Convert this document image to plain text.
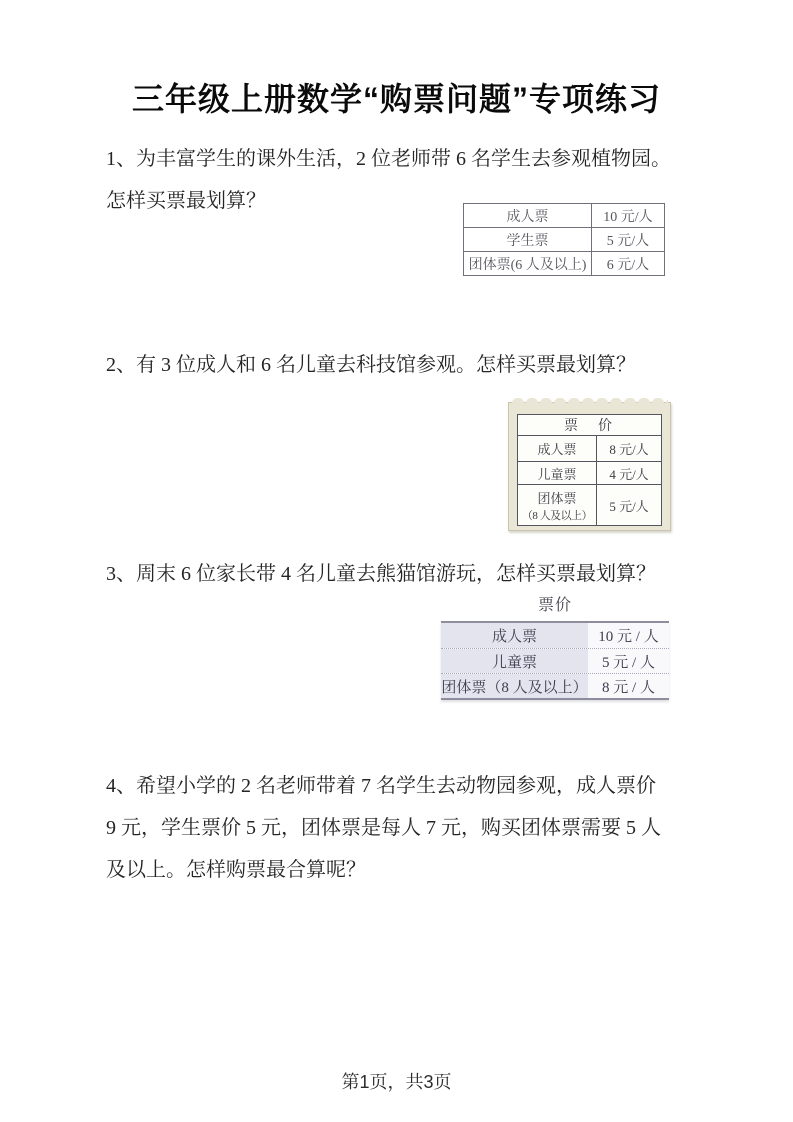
三年级上册数学“购票问题”专项练习
1、为丰富学生的课外生活，2 位老师带 6 名学生去参观植物园。
怎样买票最划算？
成人票	10 元/人
学生票	5 元/人
团体票(6 人及以上)	6 元/人
2、有 3 位成人和 6 名儿童去科技馆参观。怎样买票最划算？
票　价	
成人票	8 元/人
儿童票	4 元/人

团体票
（8 人及以上）	5 元/人
3、周末 6 位家长带 4 名儿童去熊猫馆游玩，怎样买票最划算？
票价
成人票	10 元 / 人
儿童票	5 元 / 人
团体票（8 人及以上） 8 元 / 人
4、希望小学的 2 名老师带着 7 名学生去动物园参观，成人票价
9 元，学生票价 5 元，团体票是每人 7 元，购买团体票需要 5 人
及以上。怎样购票最合算呢？
第1页，共3页
